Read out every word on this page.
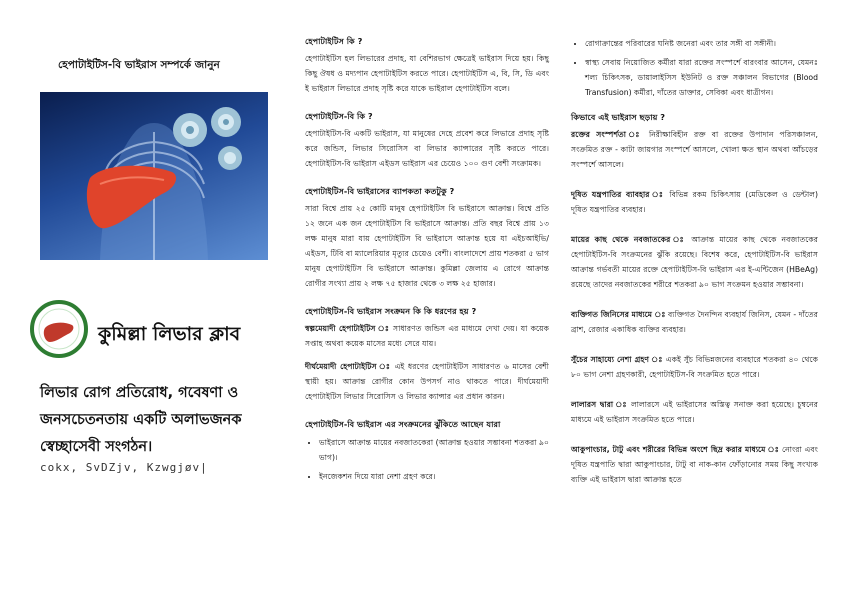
হেপাটাইটিস-বি ভাইরাস সম্পর্কে জানুন
কুমিল্লা লিভার ক্লাব
লিভার রোগ প্রতিরোধ, গবেষণা ও জনসচেতনতায় একটি অলাভজনক স্বেচ্ছাসেবী সংগঠন।
cokx, SvDZjv, Kzwgjøv|
হেপাটাইটিস কি ?
হেপাটাইটিস হল লিভারের প্রদাহ, যা বেশিরভাগ ক্ষেত্রেই ভাইরাস দিয়ে হয়। কিছু কিছু ঔষধ ও মদ্যপান হেপাটাইটিস করতে পারে। হেপাটাইটিস এ, বি, সি, ডি এবং ই ভাইরাস লিভারে প্রদাহ সৃষ্টি করে যাকে ভাইরাল হেপাটাইটিস বলে।
হেপাটাইটিস-বি কি ?
হেপাটাইটিস-বি একটি ভাইরাস, যা মানুষের দেহে প্রবেশ করে লিভারে প্রদাহ সৃষ্টি করে জন্ডিস, লিভার সিরোসিস বা লিভার ক্যান্সারের সৃষ্টি করতে পারে। হেপাটাইটিস-বি ভাইরাস এইডস ভাইরাস এর চেয়েও ১০০ গুণ বেশী সংক্রামক।
হেপাটাইটিস-বি ভাইরাসের ব্যাপকতা কতটুকু ?
সারা বিশ্বে প্রায় ২৫ কোটি মানুষ হেপাটাইটিস বি ভাইরাসে আক্রান্ত। বিশ্বে প্রতি ১২ জনে এক জন হেপাটাইটিস বি ভাইরাসে আক্রান্ত। প্রতি বছর বিশ্বে প্রায় ১৩ লক্ষ মানুষ মারা যায় হেপাটাইটিস বি ভাইরাসে আক্রান্ত হয়ে যা এইচআইভি/এইডস, টিবি বা ম্যালেরিয়ার মৃত্যুর চেয়েও বেশী। বাংলাদেশে প্রায় শতকরা ৫ ভাগ মানুষ হেপাটাইটিস বি ভাইরাসে আক্রান্ত। কুমিল্লা জেলায় এ রোগে আক্রান্ত রোগীর সংখ্যা প্রায় ২ লক্ষ ৭৫ হাজার থেকে ৩ লক্ষ ২৫ হাজার।
হেপাটাইটিস-বি ভাইরাস সংক্রমন কি কি ধরণের হয় ?
স্বল্পমেয়াদী হেপাটাইটিস ঃ সাধারণত জন্ডিস এর মাধ্যমে দেখা দেয়। যা কয়েক সপ্তাহ অথবা কয়েক মাসের মধ্যে সেরে যায়।
দীর্ঘমেয়াদী হেপাটাইটিস ঃ এই ধরণের হেপাটাইটিস সাধারণত ৬ মাসের বেশী স্থায়ী হয়। আক্রান্ত রোগীর কোন উপসর্গ নাও থাকতে পারে। দীর্ঘমেয়াদী হেপাটাইটিস লিভার সিরোসিস ও লিভার ক্যান্সার এর প্রধান কারন।
হেপাটাইটিস-বি ভাইরাস এর সংক্রমনের ঝুঁকিতে আছেন যারা
• ভাইরাসে আক্রান্ত মায়ের নবজাতকেরা (আক্রান্ত হওয়ার সম্ভাবনা শতকরা ৯০ ভাগ)।
• ইনজেকশন দিয়ে যারা নেশা গ্রহণ করে।
• রোগাক্রান্তের পরিবারের ঘনিষ্ট জনেরা এবং তার সঙ্গী বা সঙ্গীনী।
• স্বাস্থ্য সেবায় নিয়োজিত কর্মীরা যারা রক্তের সংস্পর্শে বারংবার আসেন, যেমনঃ শল্য চিকিৎসক, ডায়ালাইসিস ইউনিট ও রক্ত সঞ্চালন বিভাগের (Blood Transfusion) কর্মীরা, দাঁতের ডাক্তার, সেবিকা এবং ধাত্রীগন।
কিভাবে এই ভাইরাস ছড়ায় ?
রক্তের সংস্পর্শতা ঃ নিরীক্ষাবিহীন রক্ত বা রক্তের উপাদান পরিসঞ্চালন, সংক্রমিত রক্ত - কাটা জায়গার সংস্পর্শে আসলে, খোলা ক্ষত স্থান অথবা আঁচড়ের সংস্পর্শে আসলে।
দূষিত যন্ত্রপাতির ব্যাবহার ঃ বিভিন্ন রকম চিকিৎসায় (মেডিকেল ও ডেন্টাল) দূষিত যন্ত্রপাতির ব্যবহার।
মায়ের কাছ থেকে নবজাতকের ঃ আক্রান্ত মায়ের কাছ থেকে নবজাতকের হেপাটাইটিস-বি সংক্রমনের ঝুঁকি রয়েছে। বিশেষ করে, হেপাটাইটিস-বি ভাইরাস আক্রান্ত গর্ভবতী মায়ের রক্তে হেপাটাইটিস-বি ভাইরাস এর ই-এন্টিজেন (HBeAg) রয়েছে তাদের নবজাতকের শরীরে শতকরা ৯০ ভাগ সংক্রমন হওয়ার সম্ভাবনা।
ব্যক্তিগত জিনিসের মাধ্যমে ঃ ব্যক্তিগত দৈনন্দিন ব্যবহার্য জিনিস, যেমন - দাঁতের ব্রাশ, রেজার একাধিক ব্যক্তির ব্যবহার।
সুঁচের সাহায্যে নেশা গ্রহণ ঃ একই সুঁচ বিভিন্নজনের ব্যবহারে শতকরা ৪০ থেকে ৮০ ভাগ নেশা গ্রহণকারী, হেপাটাইটিস-বি সংক্রমিত হতে পারে।
লালারস দ্বারা ঃ লালারসে এই ভাইরাসের অস্তিত্ব সনাক্ত করা হয়েছে। চুম্বনের মাধ্যমে এই ভাইরাস সংক্রমিত হতে পারে।
আকুপাংচার, টাটু এবং শরীরের বিভিন্ন অংশে ছিদ্র করার মাধ্যমে ঃ নোংরা এবং দূষিত যন্ত্রপাতি দ্বারা আকুপাংচার, টাটু বা নাক-কান ফোঁড়ানোর সময় কিছু সংখ্যক ব্যক্তি এই ভাইরাস দ্বারা আক্রান্ত হতে
